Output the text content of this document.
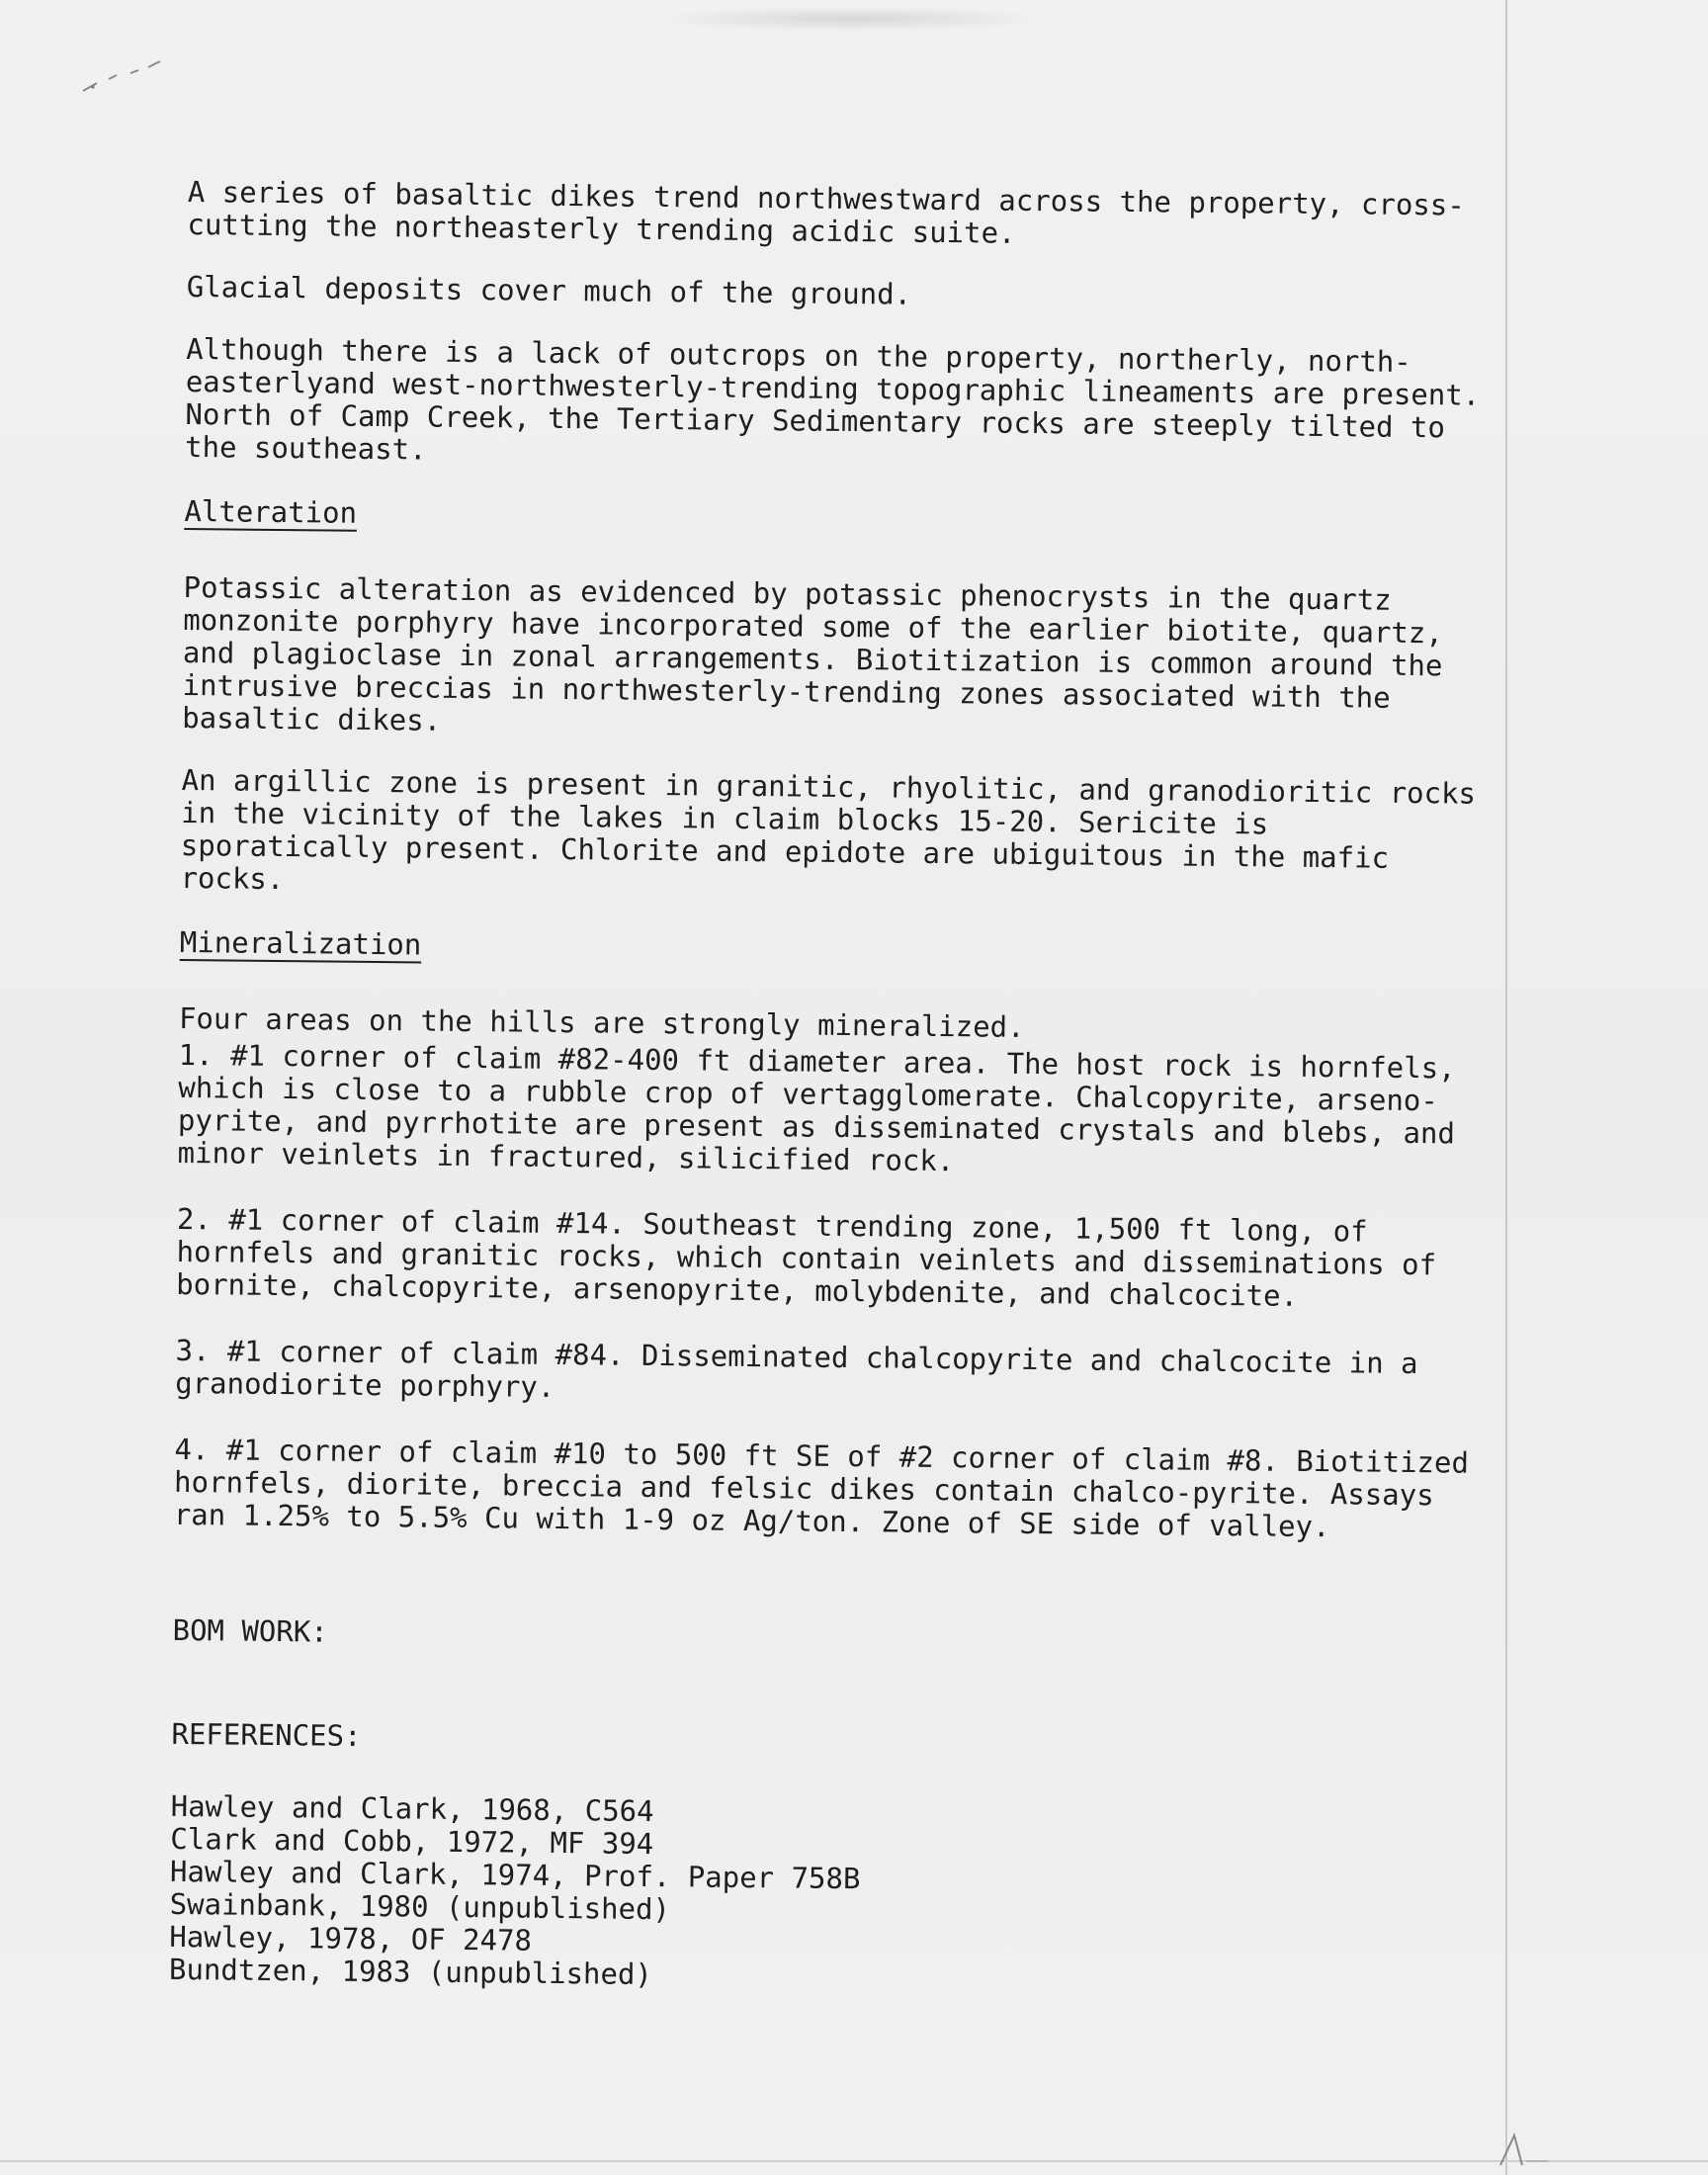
A series of basaltic dikes trend northwestward across the property, cross-cutting the northeasterly trending acidic suite.

Glacial deposits cover much of the ground.

Although there is a lack of outcrops on the property, northerly, north-easterlyand west-northwesterly-trending topographic lineaments are present. North of Camp Creek, the Tertiary Sedimentary rocks are steeply tilted to the southeast.

Alteration

Potassic alteration as evidenced by potassic phenocrysts in the quartz monzonite porphyry have incorporated some of the earlier biotite, quartz, and plagioclase in zonal arrangements. Biotitization is common around the intrusive breccias in northwesterly-trending zones associated with the basaltic dikes.

An argillic zone is present in granitic, rhyolitic, and granodioritic rocks in the vicinity of the lakes in claim blocks 15-20. Sericite is sporatically present. Chlorite and epidote are ubiguitous in the mafic rocks.

Mineralization

Four areas on the hills are strongly mineralized.

1. #1 corner of claim #82-400 ft diameter area. The host rock is hornfels, which is close to a rubble crop of vertagglomerate. Chalcopyrite, arseno-pyrite, and pyrrhotite are present as disseminated crystals and blebs, and minor veinlets in fractured, silicified rock.

2. #1 corner of claim #14. Southeast trending zone, 1,500 ft long, of hornfels and granitic rocks, which contain veinlets and disseminations of bornite, chalcopyrite, arsenopyrite, molybdenite, and chalcocite.

3. #1 corner of claim #84. Disseminated chalcopyrite and chalcocite in a granodiorite porphyry.

4. #1 corner of claim #10 to 500 ft SE of #2 corner of claim #8. Biotitized hornfels, diorite, breccia and felsic dikes contain chalco-pyrite. Assays ran 1.25% to 5.5% Cu with 1-9 oz Ag/ton. Zone of SE side of valley.

BOM WORK:

REFERENCES:

Hawley and Clark, 1968, C564
Clark and Cobb, 1972, MF 394
Hawley and Clark, 1974, Prof. Paper 758B
Swainbank, 1980 (unpublished)
Hawley, 1978, OF 2478
Bundtzen, 1983 (unpublished)
